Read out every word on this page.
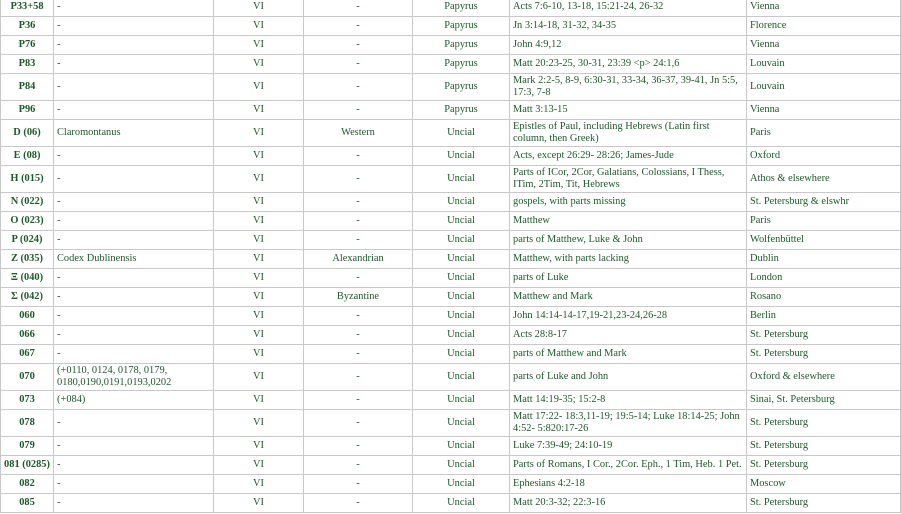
P33+58	-	VI	-	Papyrus	Acts 7:6-10, 13-18, 15:21-24, 26-32	Vienna
P36	-	VI	-	Papyrus	Jn 3:14-18, 31-32, 34-35	Florence
P76	-	VI	-	Papyrus	John 4:9,12	Vienna
P83	-	VI	-	Papyrus	Matt 20:23-25, 30-31, 23:39 <p> 24:1,6	Louvain
P84	-	VI	-	Papyrus	Mark 2:2-5, 8-9, 6:30-31, 33-34, 36-37, 39-41, Jn 5:5, 17:3, 7-8	Louvain
P96	-	VI	-	Papyrus	Matt 3:13-15	Vienna
D (06)	Claromontanus	VI	Western	Uncial	Epistles of Paul, including Hebrews (Latin first column, then Greek)	Paris
E (08)	-	VI	-	Uncial	Acts, except 26:29- 28:26; James-Jude	Oxford
H (015)	-	VI	-	Uncial	Parts of ICor, 2Cor, Galatians, Colossians, I Thess, ITim, 2Tim, Tit, Hebrews	Athos & elsewhere
N (022)	-	VI	-	Uncial	gospels, with parts missing	St. Petersburg & elswhr
O (023)	-	VI	-	Uncial	Matthew	Paris
P (024)	-	VI	-	Uncial	parts of Matthew, Luke & John	Wolfenbüttel
Z (035)	Codex Dublinensis	VI	Alexandrian	Uncial	Matthew, with parts lacking	Dublin
Ξ (040)	-	VI	-	Uncial	parts of Luke	London
Σ (042)	-	VI	Byzantine	Uncial	Matthew and Mark	Rosano
060	-	VI	-	Uncial	John 14:14-14-17,19-21,23-24,26-28	Berlin
066	-	VI	-	Uncial	Acts 28:8-17	St. Petersburg
067	-	VI	-	Uncial	parts of Matthew and Mark	St. Petersburg
070	(+0110, 0124, 0178, 0179, 0180,0190,0191,0193,0202	VI	-	Uncial	parts of Luke and John	Oxford & elsewhere
073	(+084)	VI	-	Uncial	Matt 14:19-35; 15:2-8	Sinai, St. Petersburg
078	-	VI	-	Uncial	Matt 17:22- 18:3,11-19; 19:5-14; Luke 18:14-25; John 4:52- 5:820:17-26	St. Petersburg
079	-	VI	-	Uncial	Luke 7:39-49; 24:10-19	St. Petersburg
081 (0285)	-	VI	-	Uncial	Parts of Romans, I Cor., 2Cor. Eph., 1 Tim, Heb. 1 Pet.	St. Petersburg
082	-	VI	-	Uncial	Ephesians 4:2-18	Moscow
085	-	VI	-	Uncial	Matt 20:3-32; 22:3-16	St. Petersburg
